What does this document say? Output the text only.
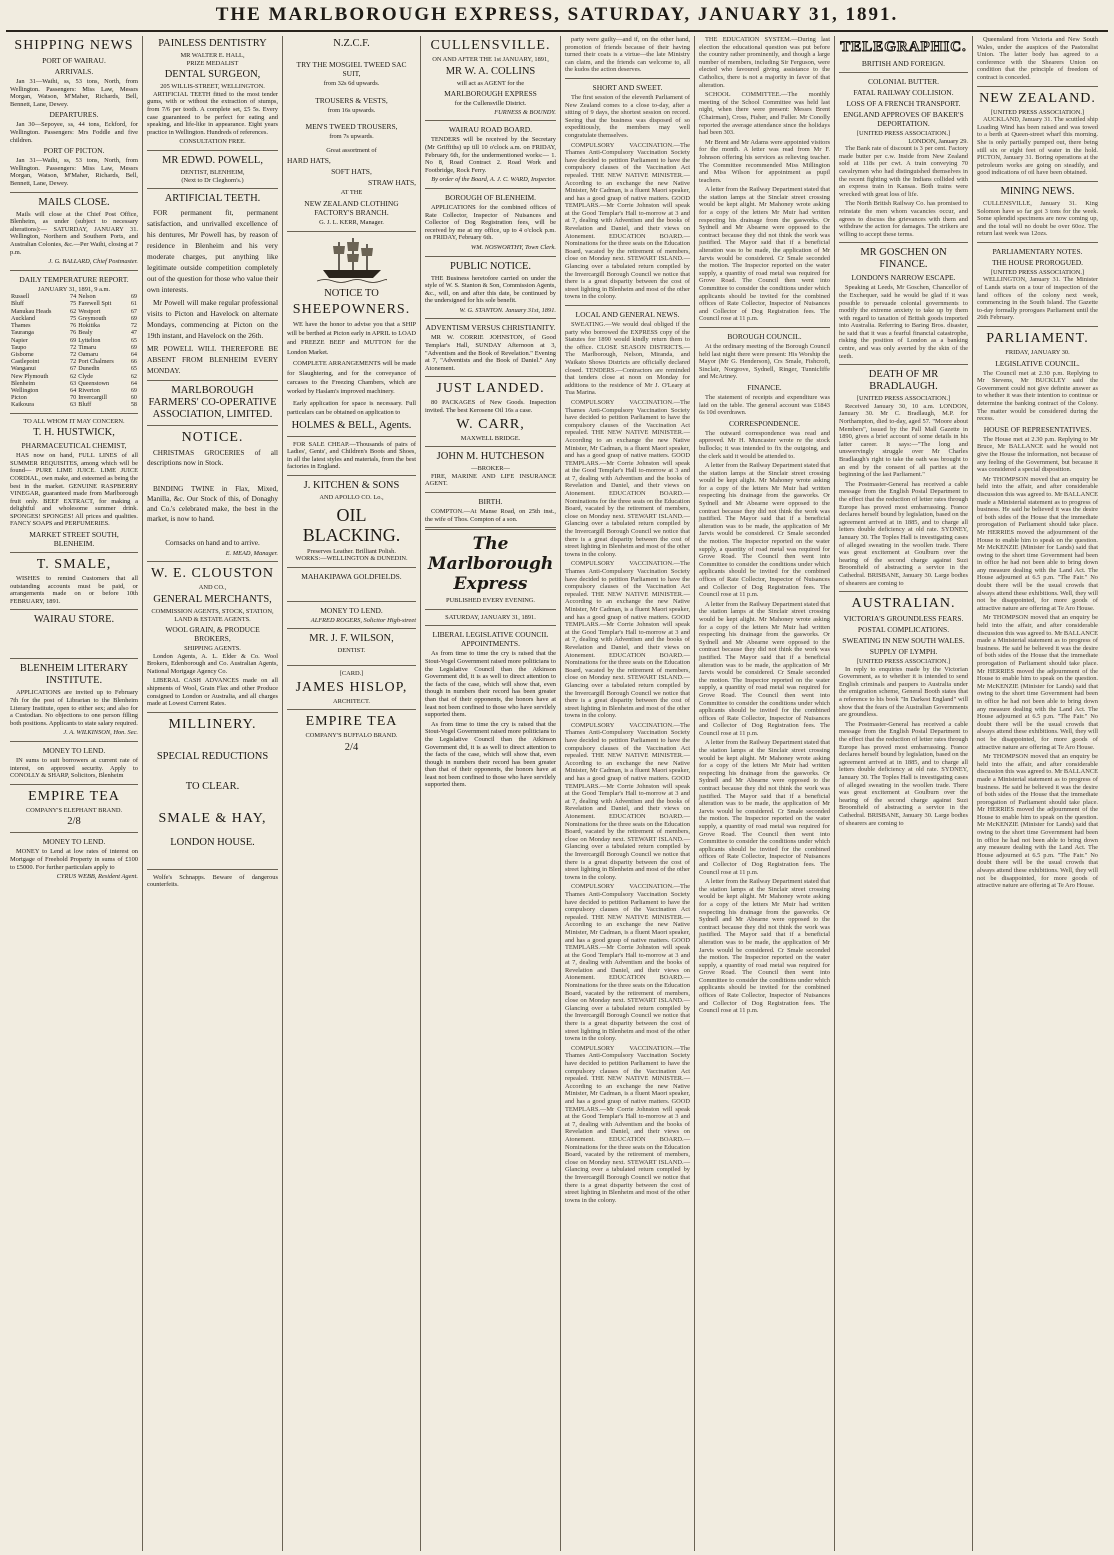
THE MARLBOROUGH EXPRESS, SATURDAY, JANUARY 31, 1891.
SHIPPING NEWS
PORT OF WAIRAU.
ARRIVALS.

Jan 31—Waihi, ss, 53 tons, North, from Wellington. Passengers: Miss Law, Messrs Morgan, Watson, M'Maher, Richards, Bell, Bennett, Lane, Dewey.

DEPARTURES.

Jan 30—Sepoyee, ss, 44 tons, Eckford, for Wellington. Passengers: Mrs Foddle and five children.

PORT OF PICTON.

Jan 31—Waihi, ss, 53 tons, North, from Wellington. Passengers: Miss Law, Messrs Morgan, Watson, M'Maher, Richards, Bell, Bennett, Lane, Dewey.

MAILS CLOSE.

Mails will close at the Chief Post Office, Blenheim, as under (subject to necessary alterations):— SATURDAY, JANUARY 31. Wellington, Northern and Southern Ports, and Australian Colonies, &c.—Per Waihi, closing at 7 p.m.

J. G. BALLARD, Chief Postmaster.
DAILY TEMPERATURE REPORT.
JANUARY 31, 1891, 9 a.m.
Russell	74	Nelson	69
Bluff	75	Farewell Spit	61
Manukau Heads	62	Westport	67
Auckland	75	Greymouth	69
Thames	76	Hokitika	72
Tauranga	76	Bealy	47
Napier	69	Lyttelton	65
Taupo	72	Timaru	69
Gisborne	72	Oamaru	64
Castlepoint	72	Port Chalmers	66
Wanganui	67	Dunedin	65
New Plymouth	62	Clyde	62
Blenheim	63	Queenstown	64
Wellington	64	Riverton	69
Picton	70	Invercargill	60
Kaikoura	63	Bluff	58
TO ALL WHOM IT MAY CONCERN.
T. H. HUSTWICK,
PHARMACEUTICAL CHEMIST,

HAS now on hand, FULL LINES of all SUMMER REQUISITES, among which will be found— PURE LIME JUICE. LIME JUICE CORDIAL, own make, and esteemed as being the best in the market. GENUINE RASPBERRY VINEGAR, guaranteed made from Marlborough fruit only. BEEF EXTRACT, for making a delightful and wholesome summer drink. SPONGES! SPONGES! All prices and qualities. FANCY SOAPS and PERFUMERIES.

MARKET STREET SOUTH, BLENHEIM.
T. SMALE,

WISHES to remind Customers that all outstanding accounts must be paid, or arrangements made on or before 10th FEBRUARY, 1891.

WAIRAU STORE.
BLENHEIM LITERARY INSTITUTE.

APPLICATIONS are invited up to February 7th for the post of Librarian to the Blenheim Literary Institute, open to either sex; and also for a Custodian. No objections to one person filling both positions. Applicants to state salary required.

J. A. WILKINSON, Hon. Sec.
MONEY TO LEND.

IN sums to suit borrowers at current rate of interest, on approved security. Apply to CONOLLY & SHARP, Solicitors, Blenheim

EMPIRE TEA
COMPANY'S ELEPHANT BRAND.
2/8
MONEY TO LEND.

MONEY to Lend at low rates of interest on Mortgage of Freehold Property in sums of £100 to £5000. For further particulars apply to

CYRUS WEBB, Resident Agent.
PAINLESS DENTISTRY
MR WALTER E. HALL,
PRIZE MEDALIST
DENTAL SURGEON,
205 WILLIS-STREET, WELLINGTON.

ARTIFICIAL TEETH fitted to the most tender gums, with or without the extraction of stumps, from 7/6 per tooth. A complete set, £5 5s. Every case guaranteed to be perfect for eating and speaking, and life-like in appearance. Eight years practice in Wellington. Hundreds of references.

CONSULTATION FREE.
MR EDWD. POWELL,
DENTIST, BLENHEIM,
(Next to Dr Cleghorn's.)
ARTIFICIAL TEETH.

FOR permanent fit, permanent satisfaction, and unrivalled excellence of his dentures, Mr Powell has, by reason of residence in Blenheim and his very moderate charges, put anything like legitimate outside competition completely out of the question for those who value their own interests.

Mr Powell will make regular professional visits to Picton and Havelock on alternate Mondays, commencing at Picton on the 19th instant, and Havelock on the 26th.

MR POWELL WILL THEREFORE BE ABSENT FROM BLENHEIM EVERY MONDAY.

MARLBOROUGH FARMERS' CO-OPERATIVE ASSOCIATION, LIMITED.
NOTICE.

CHRISTMAS GROCERIES of all descriptions now in Stock.

BINDING TWINE in Flax, Mixed, Manilla, &c. Our Stock of this, of Donaghy and Co.'s celebrated make, the best in the market, is now to hand.

Cornsacks on hand and to arrive.

E. MEAD, Manager.
W. E. CLOUSTON
AND CO.,
GENERAL MERCHANTS,
COMMISSION AGENTS, STOCK, STATION, LAND & ESTATE AGENTS.
WOOL GRAIN, & PRODUCE BROKERS,
SHIPPING AGENTS.

London Agents, A. L. Elder & Co. Wool Brokers, Edenborough and Co. Australian Agents, National Mortgage Agency Co.

LIBERAL CASH ADVANCES made on all shipments of Wool, Grain Flax and other Produce consigned to London or Australia, and all charges made at Lowest Current Rates.

MILLINERY.
SPECIAL REDUCTIONS
TO CLEAR.
SMALE & HAY,
LONDON HOUSE.

Wolfe's Schnapps. Beware of dangerous counterfeits.

N.Z.C.F.
TRY THE MOSGIEL TWEED SAC SUIT,
from 32s 6d upwards.
TROUSERS & VESTS,
from 16s upwards.
MEN'S TWEED TROUSERS,
from 7s upwards.
Great assortment of
HARD HATS,
SOFT HATS,
STRAW HATS,
AT THE
NEW ZEALAND CLOTHING FACTORY'S BRANCH.
G. J. L. KERR, Manager.
NOTICE TO
SHEEPOWNERS.

WE have the honor to advise you that a SHIP will be berthed at Picton early in APRIL to LOAD and FREEZE BEEF and MUTTON for the London Market.

COMPLETE ARRANGEMENTS will be made for Slaughtering, and for the conveyance of carcases to the Freezing Chambers, which are worked by Haslam's improved machinery.

Early application for space is necessary. Full particulars can be obtained on application to

HOLMES & BELL, Agents.

FOR SALE CHEAP.—Thousands of pairs of Ladies', Gents', and Children's Boots and Shoes, in all the latest styles and materials, from the best factories in England.

J. KITCHEN & SONS
AND APOLLO CO. Lo.,
OIL BLACKING.
Preserves Leather. Brilliant Polish.
WORKS:—WELLINGTON & DUNEDIN.
MAHAKIPAWA GOLDFIELDS.
MONEY TO LEND.
ALFRED ROGERS, Solicitor High-street
MR. J. F. WILSON,
DENTIST.
[CARD.]
JAMES HISLOP,
ARCHITECT.
EMPIRE TEA
COMPANY'S BUFFALO BRAND.
2/4
CULLENSVILLE.

ON AND AFTER THE 1st JANUARY, 1891,

MR W. A. COLLINS
will act as AGENT for the
MARLBOROUGH EXPRESS
for the Cullensville District.
FURNESS & BOUNDY.
WAIRAU ROAD BOARD.

TENDERS will be received by the Secretary (Mr Griffiths) up till 10 o'clock a.m. on FRIDAY, February 6th, for the undermentioned works:— 1. No 8, Road Contract 2. Road Work and Footbridge, Rock Ferry.

By order of the Board, A. J. C. WARD, Inspector.
BOROUGH OF BLENHEIM.

APPLICATIONS for the combined offices of Rate Collector, Inspector of Nuisances and Collector of Dog Registration fees, will be received by me at my office, up to 4 o'clock p.m. on FRIDAY, February 6th.

WM. NOSWORTHY, Town Clerk.
PUBLIC NOTICE.

THE Business heretofore carried on under the style of W. S. Stanton & Son, Commission Agents, &c., will, on and after this date, be continued by the undersigned for his sole benefit.

W. G. STANTON. January 31st, 1891.
ADVENTISM VERSUS CHRISTIANITY.

MR W. CORRIE JOHNSTON, of Good Templar's Hall, SUNDAY Afternoon at 3, "Adventism and the Book of Revelation." Evening at 7, "Adventists and the Book of Daniel." Any Atonement.

JUST LANDED.

80 PACKAGES of New Goods. Inspection invited. The best Kerosene Oil 16s a case.

W. CARR,
MAXWELL BRIDGE.
JOHN M. HUTCHESON
—BROKER—

FIRE, MARINE AND LIFE INSURANCE AGENT.

BIRTH.

COMPTON.—At Manse Road, on 25th inst., the wife of Thos. Compton of a son.

The Marlborough Express
PUBLISHED EVERY EVENING.
SATURDAY, JANUARY 31, 1891.
LIBERAL LEGISLATIVE COUNCIL APPOINTMENTS.

As from time to time the cry is raised that the Stout-Vogel Government raised more politicians to the Legislative Council than the Atkinson Government did, it is as well to direct attention to the facts of the case, which will show that, even though in numbers their record has been greater than that of their opponents, the honors have at least not been confined to those who have servilely supported them.

As from time to time the cry is raised that the Stout-Vogel Government raised more politicians to the Legislative Council than the Atkinson Government did, it is as well to direct attention to the facts of the case, which will show that, even though in numbers their record has been greater than that of their opponents, the honors have at least not been confined to those who have servilely supported them.

party were guilty—and if, on the other hand, promotion of friends because of their having turned their coats is a virtue—the late Ministry can claim, and the friends can welcome to, all the kudos the action deserves.

SHORT AND SWEET.

The first session of the eleventh Parliament of New Zealand comes to a close to-day, after a sitting of 9 days, the shortest session on record. Seeing that the business was disposed of so expeditiously, the members may well congratulate themselves.

COMPULSORY VACCINATION.—The Thames Anti-Compulsory Vaccination Society have decided to petition Parliament to have the compulsory clauses of the Vaccination Act repealed. THE NEW NATIVE MINISTER.—According to an exchange the new Native Minister, Mr Cadman, is a fluent Maori speaker, and has a good grasp of native matters. GOOD TEMPLARS.—Mr Corrie Johnston will speak at the Good Templar's Hall to-morrow at 3 and at 7, dealing with Adventism and the books of Revelation and Daniel, and their views on Atonement. EDUCATION BOARD.—Nominations for the three seats on the Education Board, vacated by the retirement of members, close on Monday next. STEWART ISLAND.—Glancing over a tabulated return compiled by the Invercargill Borough Council we notice that there is a great disparity between the cost of street lighting in Blenheim and most of the other towns in the colony.

LOCAL AND GENERAL NEWS.

SWEATING.—We would deal obliged if the party who borrowed the EXPRESS copy of the Statutes for 1890 would kindly return them to the office. CLOSE SEASON DISTRICTS.—The Marlborough, Nelson, Miranda, and Waikato Shows Districts are officially declared closed. TENDERS.—Contractors are reminded that tenders close at noon on Monday for additions to the residence of Mr J. O'Leary at Tua Marina.

COMPULSORY VACCINATION.—The Thames Anti-Compulsory Vaccination Society have decided to petition Parliament to have the compulsory clauses of the Vaccination Act repealed. THE NEW NATIVE MINISTER.—According to an exchange the new Native Minister, Mr Cadman, is a fluent Maori speaker, and has a good grasp of native matters. GOOD TEMPLARS.—Mr Corrie Johnston will speak at the Good Templar's Hall to-morrow at 3 and at 7, dealing with Adventism and the books of Revelation and Daniel, and their views on Atonement. EDUCATION BOARD.—Nominations for the three seats on the Education Board, vacated by the retirement of members, close on Monday next. STEWART ISLAND.—Glancing over a tabulated return compiled by the Invercargill Borough Council we notice that there is a great disparity between the cost of street lighting in Blenheim and most of the other towns in the colony.

COMPULSORY VACCINATION.—The Thames Anti-Compulsory Vaccination Society have decided to petition Parliament to have the compulsory clauses of the Vaccination Act repealed. THE NEW NATIVE MINISTER.—According to an exchange the new Native Minister, Mr Cadman, is a fluent Maori speaker, and has a good grasp of native matters. GOOD TEMPLARS.—Mr Corrie Johnston will speak at the Good Templar's Hall to-morrow at 3 and at 7, dealing with Adventism and the books of Revelation and Daniel, and their views on Atonement. EDUCATION BOARD.—Nominations for the three seats on the Education Board, vacated by the retirement of members, close on Monday next. STEWART ISLAND.—Glancing over a tabulated return compiled by the Invercargill Borough Council we notice that there is a great disparity between the cost of street lighting in Blenheim and most of the other towns in the colony.

COMPULSORY VACCINATION.—The Thames Anti-Compulsory Vaccination Society have decided to petition Parliament to have the compulsory clauses of the Vaccination Act repealed. THE NEW NATIVE MINISTER.—According to an exchange the new Native Minister, Mr Cadman, is a fluent Maori speaker, and has a good grasp of native matters. GOOD TEMPLARS.—Mr Corrie Johnston will speak at the Good Templar's Hall to-morrow at 3 and at 7, dealing with Adventism and the books of Revelation and Daniel, and their views on Atonement. EDUCATION BOARD.—Nominations for the three seats on the Education Board, vacated by the retirement of members, close on Monday next. STEWART ISLAND.—Glancing over a tabulated return compiled by the Invercargill Borough Council we notice that there is a great disparity between the cost of street lighting in Blenheim and most of the other towns in the colony.

COMPULSORY VACCINATION.—The Thames Anti-Compulsory Vaccination Society have decided to petition Parliament to have the compulsory clauses of the Vaccination Act repealed. THE NEW NATIVE MINISTER.—According to an exchange the new Native Minister, Mr Cadman, is a fluent Maori speaker, and has a good grasp of native matters. GOOD TEMPLARS.—Mr Corrie Johnston will speak at the Good Templar's Hall to-morrow at 3 and at 7, dealing with Adventism and the books of Revelation and Daniel, and their views on Atonement. EDUCATION BOARD.—Nominations for the three seats on the Education Board, vacated by the retirement of members, close on Monday next. STEWART ISLAND.—Glancing over a tabulated return compiled by the Invercargill Borough Council we notice that there is a great disparity between the cost of street lighting in Blenheim and most of the other towns in the colony.

COMPULSORY VACCINATION.—The Thames Anti-Compulsory Vaccination Society have decided to petition Parliament to have the compulsory clauses of the Vaccination Act repealed. THE NEW NATIVE MINISTER.—According to an exchange the new Native Minister, Mr Cadman, is a fluent Maori speaker, and has a good grasp of native matters. GOOD TEMPLARS.—Mr Corrie Johnston will speak at the Good Templar's Hall to-morrow at 3 and at 7, dealing with Adventism and the books of Revelation and Daniel, and their views on Atonement. EDUCATION BOARD.—Nominations for the three seats on the Education Board, vacated by the retirement of members, close on Monday next. STEWART ISLAND.—Glancing over a tabulated return compiled by the Invercargill Borough Council we notice that there is a great disparity between the cost of street lighting in Blenheim and most of the other towns in the colony.

THE EDUCATION SYSTEM.—During last election the educational question was put before the country rather prominently, and though a large number of members, including Sir Ferguson, were elected who favoured giving assistance to the Catholics, there is not a majority in favor of that alteration.

SCHOOL COMMITTEE.—The monthly meeting of the School Committee was held last night, when there were present: Messrs Brent (Chairman), Cross, Fisher, and Fuller. Mr Conolly reported the average attendance since the holidays had been 303.

Mr Brent and Mr Adams were appointed visitors for the month. A letter was read from Mr F. Johnson offering his services as relieving teacher. The Committee recommended Miss Millington and Miss Wilson for appointment as pupil teachers.

A letter from the Railway Department stated that the station lamps at the Sinclair street crossing would be kept alight. Mr Mahoney wrote asking for a copy of the letters Mr Muir had written respecting his drainage from the gasworks. Or Sydnell and Mr Abearne were opposed to the contract because they did not think the work was justified. The Mayor said that if a beneficial alteration was to be made, the application of Mr Jarvis would be considered. Cr Smale seconded the motion. The Inspector reported on the water supply, a quantity of road metal was required for Grove Road. The Council then went into Committee to consider the conditions under which applicants should be invited for the combined offices of Rate Collector, Inspector of Nuisances and Collector of Dog Registration fees. The Council rose at 11 p.m.

BOROUGH COUNCIL.

At the ordinary meeting of the Borough Council held last night there were present: His Worship the Mayor (Mr G. Henderson), Crs Smale, Fishcroft, Sinclair, Norgrove, Sydnell, Ringer, Tunnicliffe and McArtney.

FINANCE.

The statement of receipts and expenditure was laid on the table. The general account was £1843 6s 10d overdrawn.

CORRESPONDENCE.

The outward correspondence was read and approved. Mr H. Muncaster wrote re the stock bullocks; it was intended to fix the outgoing, and the clerk said it would be attended to.

A letter from the Railway Department stated that the station lamps at the Sinclair street crossing would be kept alight. Mr Mahoney wrote asking for a copy of the letters Mr Muir had written respecting his drainage from the gasworks. Or Sydnell and Mr Abearne were opposed to the contract because they did not think the work was justified. The Mayor said that if a beneficial alteration was to be made, the application of Mr Jarvis would be considered. Cr Smale seconded the motion. The Inspector reported on the water supply, a quantity of road metal was required for Grove Road. The Council then went into Committee to consider the conditions under which applicants should be invited for the combined offices of Rate Collector, Inspector of Nuisances and Collector of Dog Registration fees. The Council rose at 11 p.m.

A letter from the Railway Department stated that the station lamps at the Sinclair street crossing would be kept alight. Mr Mahoney wrote asking for a copy of the letters Mr Muir had written respecting his drainage from the gasworks. Or Sydnell and Mr Abearne were opposed to the contract because they did not think the work was justified. The Mayor said that if a beneficial alteration was to be made, the application of Mr Jarvis would be considered. Cr Smale seconded the motion. The Inspector reported on the water supply, a quantity of road metal was required for Grove Road. The Council then went into Committee to consider the conditions under which applicants should be invited for the combined offices of Rate Collector, Inspector of Nuisances and Collector of Dog Registration fees. The Council rose at 11 p.m.

A letter from the Railway Department stated that the station lamps at the Sinclair street crossing would be kept alight. Mr Mahoney wrote asking for a copy of the letters Mr Muir had written respecting his drainage from the gasworks. Or Sydnell and Mr Abearne were opposed to the contract because they did not think the work was justified. The Mayor said that if a beneficial alteration was to be made, the application of Mr Jarvis would be considered. Cr Smale seconded the motion. The Inspector reported on the water supply, a quantity of road metal was required for Grove Road. The Council then went into Committee to consider the conditions under which applicants should be invited for the combined offices of Rate Collector, Inspector of Nuisances and Collector of Dog Registration fees. The Council rose at 11 p.m.

A letter from the Railway Department stated that the station lamps at the Sinclair street crossing would be kept alight. Mr Mahoney wrote asking for a copy of the letters Mr Muir had written respecting his drainage from the gasworks. Or Sydnell and Mr Abearne were opposed to the contract because they did not think the work was justified. The Mayor said that if a beneficial alteration was to be made, the application of Mr Jarvis would be considered. Cr Smale seconded the motion. The Inspector reported on the water supply, a quantity of road metal was required for Grove Road. The Council then went into Committee to consider the conditions under which applicants should be invited for the combined offices of Rate Collector, Inspector of Nuisances and Collector of Dog Registration fees. The Council rose at 11 p.m.

TELEGRAPHIC.
BRITISH AND FOREIGN.
COLONIAL BUTTER.
FATAL RAILWAY COLLISION.
LOSS OF A FRENCH TRANSPORT.
ENGLAND APPROVES OF BAKER'S DEPORTATION.
[UNITED PRESS ASSOCIATION.]
LONDON, January 29.

The Bank rate of discount is 3 per cent. Factory made butter per c.w. Inside from New Zealand sold at 118s per cwt. A train conveying 70 cavalrymen who had distinguished themselves in the recent fighting with the Indians collided with an express train in Kansas. Both trains were wrecked with great loss of life.

The North British Railway Co. has promised to reinstate the men whom vacancies occur, and agrees to discuss the grievances with them and withdraw the action for damages. The strikers are willing to accept these terms.

MR GOSCHEN ON FINANCE.
LONDON'S NARROW ESCAPE.

Speaking at Leeds, Mr Goschen, Chancellor of the Exchequer, said he would be glad if it was possible to persuade colonial governments to modify the extreme anxiety to take up by them with regard to taxation of British goods imported into Australia. Referring to Baring Bros. disaster, he said that it was a fearful financial catastrophe, risking the position of London as a banking centre, and was only averted by the skin of the teeth.

DEATH OF MR BRADLAUGH.
[UNITED PRESS ASSOCIATION.]

Received January 30, 10 a.m. LONDON, January 30. Mr C. Bradlaugh, M.P. for Northampton, died to-day, aged 57. "Moore about Members", issued by the Pall Mall Gazette in 1890, gives a brief account of some details in his latter career. It says:—"The long and unswervingly struggle over Mr Charles Bradlaugh's right to take the oath was brought to an end by the consent of all parties at the beginning of the last Parliament."

The Postmaster-General has received a cable message from the English Postal Department to the effect that the reduction of letter rates through Europe has proved most embarrassing. France declares herself bound by legislation, based on the agreement arrived at in 1885, and to charge all letters double deficiency at old rate. SYDNEY, January 30. The Toples Hall is investigating cases of alleged sweating in the woollen trade. There was great excitement at Goulburn over the hearing of the second charge against Suzi Broomfield of abstracting a service in the Cathedral. BRISBANE, January 30. Large bodies of shearers are coming to

AUSTRALIAN.
VICTORIA'S GROUNDLESS FEARS.
POSTAL COMPLICATIONS.
SWEATING IN NEW SOUTH WALES.
SUPPLY OF LYMPH.
[UNITED PRESS ASSOCIATION.]

In reply to enquiries made by the Victorian Government, as to whether it is intended to send English criminals and paupers to Australia under the emigration scheme, General Booth states that a reference to his book "In Darkest England" will show that the fears of the Australian Governments are groundless.

The Postmaster-General has received a cable message from the English Postal Department to the effect that the reduction of letter rates through Europe has proved most embarrassing. France declares herself bound by legislation, based on the agreement arrived at in 1885, and to charge all letters double deficiency at old rate. SYDNEY, January 30. The Toples Hall is investigating cases of alleged sweating in the woollen trade. There was great excitement at Goulburn over the hearing of the second charge against Suzi Broomfield of abstracting a service in the Cathedral. BRISBANE, January 30. Large bodies of shearers are coming to

Queensland from Victoria and New South Wales, under the auspices of the Pastoralist Union. The latter body has agreed to a conference with the Shearers Union on condition that the principle of freedom of contract is conceded.

NEW ZEALAND.
[UNITED PRESS ASSOCIATION.]

AUCKLAND, January 31. The scuttled ship Loading Wind has been raised and was towed to a berth at Queen-street wharf this morning. She is only partially pumped out, there being still six or eight feet of water in the hold. PICTON, January 31. Boring operations at the petroleum works are going on steadily, and good indications of oil have been obtained.

MINING NEWS.

CULLENSVILLE, January 31. King Solomon have so far got 3 tons for the week. Some splendid specimens are now coming up, and the total will no doubt be over 60oz. The return last week was 12ozs.

PARLIAMENTARY NOTES.
THE HOUSE PROROGUED.
[UNITED PRESS ASSOCIATION.]

WELLINGTON, January 31. The Minister of Lands starts on a tour of inspection of the land offices of the colony next week, commencing in the South Island. The Gazette to-day formally prorogues Parliament until the 26th February.

PARLIAMENT.
FRIDAY, JANUARY 30.
LEGISLATIVE COUNCIL.

The Council met at 2.30 p.m. Replying to Mr Stevens, Mr BUCKLEY said the Government could not give definite answer as to whether it was their intention to continue or determine the banking contract of the Colony. The matter would be considered during the recess.

HOUSE OF REPRESENTATIVES.

The House met at 2.30 p.m. Replying to Mr Bruce, Mr BALLANCE said he would not give the House the information, not because of any feeling of the Government, but because it was considered a special disposition.

Mr THOMPSON moved that an enquiry be held into the affair, and after considerable discussion this was agreed to. Mr BALLANCE made a Ministerial statement as to progress of business. He said he believed it was the desire of both sides of the House that the immediate prorogation of Parliament should take place. Mr HERRIES moved the adjournment of the House to enable him to speak on the question. Mr McKENZIE (Minister for Lands) said that owing to the short time Government had been in office he had not been able to bring down any measure dealing with the Land Act. The House adjourned at 6.5 p.m. "The Fair." No doubt there will be the usual crowds that always attend these exhibitions. Well, they will not be disappointed, for more goods of attractive nature are offering at Te Aro House.

Mr THOMPSON moved that an enquiry be held into the affair, and after considerable discussion this was agreed to. Mr BALLANCE made a Ministerial statement as to progress of business. He said he believed it was the desire of both sides of the House that the immediate prorogation of Parliament should take place. Mr HERRIES moved the adjournment of the House to enable him to speak on the question. Mr McKENZIE (Minister for Lands) said that owing to the short time Government had been in office he had not been able to bring down any measure dealing with the Land Act. The House adjourned at 6.5 p.m. "The Fair." No doubt there will be the usual crowds that always attend these exhibitions. Well, they will not be disappointed, for more goods of attractive nature are offering at Te Aro House.

Mr THOMPSON moved that an enquiry be held into the affair, and after considerable discussion this was agreed to. Mr BALLANCE made a Ministerial statement as to progress of business. He said he believed it was the desire of both sides of the House that the immediate prorogation of Parliament should take place. Mr HERRIES moved the adjournment of the House to enable him to speak on the question. Mr McKENZIE (Minister for Lands) said that owing to the short time Government had been in office he had not been able to bring down any measure dealing with the Land Act. The House adjourned at 6.5 p.m. "The Fair." No doubt there will be the usual crowds that always attend these exhibitions. Well, they will not be disappointed, for more goods of attractive nature are offering at Te Aro House.
